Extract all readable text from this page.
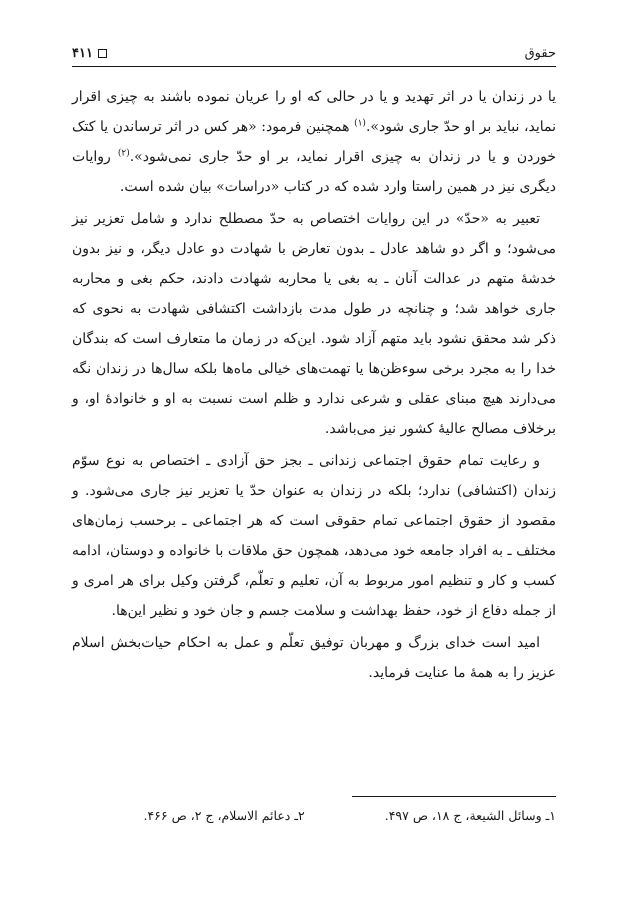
حقوق
۴۱۱

یا در زندان یا در اثر تهدید و یا در حالی که او را عریان نموده باشند به چیزی اقرار نماید، نباید بر او حدّ جاری شود».$^{(۱)}$ همچنین فرمود: «هر کس در اثر ترساندن یا کتک خوردن و یا در زندان به چیزی اقرار نماید، بر او حدّ جاری نمی‌شود».$^{(۲)}$ روایات دیگری نیز در همین راستا وارد شده که در کتاب «دراسات» بیان شده است.

تعبیر به «حدّ» در این روایات اختصاص به حدّ مصطلح ندارد و شامل تعزیر نیز می‌شود؛ و اگر دو شاهد عادل ـ بدون تعارض با شهادت دو عادل دیگر، و نیز بدون خدشهٔ متهم در عدالت آنان ـ به بغی یا محاربه شهادت دادند، حکم بغی و محاربه جاری خواهد شد؛ و چنانچه در طول مدت بازداشت اکتشافی شهادت به نحوی که ذکر شد محقق نشود باید متهم آزاد شود. این‌که در زمان ما متعارف است که بندگان خدا را به مجرد برخی سوءظن‌ها یا تهمت‌های خیالی ماه‌ها بلکه سال‌ها در زندان نگه می‌دارند هیچ مبنای عقلی و شرعی ندارد و ظلم است نسبت به او و خانوادهٔ او، و برخلاف مصالح عالیهٔ کشور نیز می‌باشد.

و رعایت تمام حقوق اجتماعی زندانی ـ بجز حق آزادی ـ اختصاص به نوع سوّم زندان (اکتشافی) ندارد؛ بلکه در زندان به عنوان حدّ یا تعزیر نیز جاری می‌شود. و مقصود از حقوق اجتماعی تمام حقوقی است که هر اجتماعی ـ برحسب زمان‌های مختلف ـ به افراد جامعه خود می‌دهد، همچون حق ملاقات با خانواده و دوستان، ادامه کسب و کار و تنظیم امور مربوط به آن، تعلیم و تعلّم، گرفتن وکیل برای هر امری و از جمله دفاع از خود، حفظ بهداشت و سلامت جسم و جان خود و نظیر این‌ها.

امید است خدای بزرگ و مهربان توفیق تعلّم و عمل به احکام حیات‌بخش اسلام عزیز را به همهٔ ما عنایت فرماید.

۱ـ وسائل الشیعة، ج ۱۸، ص ۴۹۷.
۲ـ دعائم الاسلام، ج ۲، ص ۴۶۶.
